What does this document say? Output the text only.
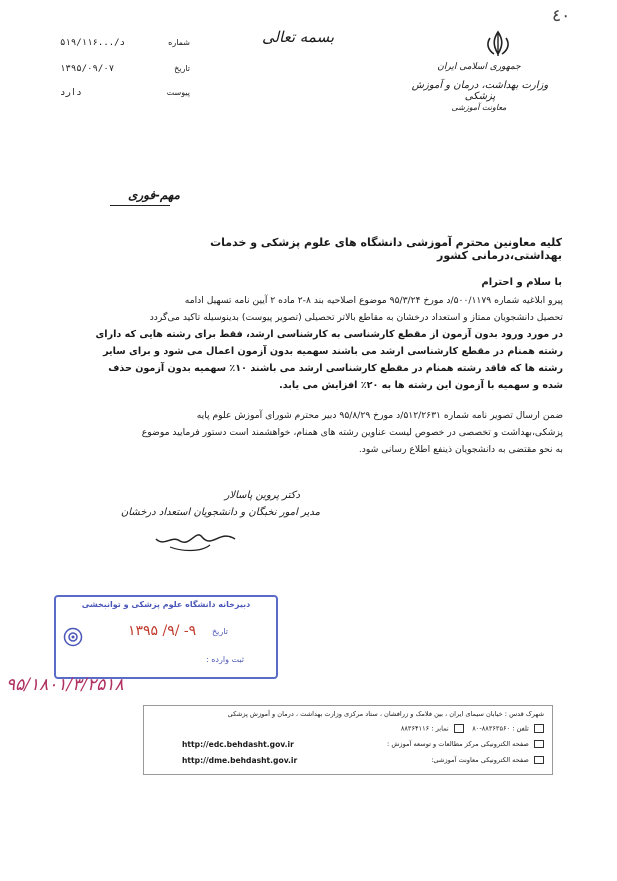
٤٠
بسمه تعالی
۵۱۹/۱۱۶.../د	شماره
۱۳۹۵/۰۹/۰۷	تاریخ
دارد	پیوست
جمهوری اسلامی ایران
وزارت بهداشت، درمان و آموزش پزشکی
معاونت آموزشی
مهم-فوری
کلیه معاونین محترم آموزشی دانشگاه های علوم پزشکی و خدمات بهداشتی،درمانی کشور
با سلام و احترام
پیرو ابلاغیه شماره ۵۰۰/۱۱۷۹/د مورخ ۹۵/۳/۲۴ موضوع اصلاحیه بند ۸-۲ ماده ۲ آیین نامه تسهیل ادامه
تحصیل دانشجویان ممتاز و استعداد درخشان به مقاطع بالاتر تحصیلی (تصویر پیوست) بدینوسیله تاکید می‌گردد
در مورد ورود بدون آزمون از مقطع کارشناسی به کارشناسی ارشد، فقط برای رشته هایی که دارای
رشته همنام در مقطع کارشناسی ارشد می باشند سهمیه بدون آزمون اعمال می شود و برای سایر
رشته ها که فاقد رشته همنام در مقطع کارشناسی ارشد می باشند ۱۰٪ سهمیه بدون آزمون حذف
شده و سهمیه با آزمون این رشته ها به ۲۰٪ افزایش می یابد.
ضمن ارسال تصویر نامه شماره ۵۱۲/۲۶۳۱/د مورخ ۹۵/۸/۲۹ دبیر محترم شورای آموزش علوم پایه
پزشکی،بهداشت و تخصصی در خصوص لیست عناوین رشته های همنام، خواهشمند است دستور فرمایید موضوع
به نحو مقتضی به دانشجویان ذینفع اطلاع رسانی شود.
دکتر پروین پاسالار
مدیر امور نخبگان و دانشجویان استعداد درخشان
دبیرخانه دانشگاه علوم پزشکی و توانبخشی
تاریخ
۱۳۹۵ /۹/ -۹
ثبت وارده :
۹۵/۱۸۰۱/۳/۲۵۱۸
شهرک قدس : خیابان سیمای ایران ، بین فلامک و زرافشان ، ستاد مرکزی وزارت بهداشت ، درمان و آموزش پزشکی
تلفن : ۸۸۳۶۳۵۶۰-۸۰     نمابر : ۸۸۳۶۴۱۱۶
صفحه الکترونیکی مرکز مطالعات و توسعه آموزش :
http://edc.behdasht.gov.ir
صفحه الکترونیکی معاونت آموزشی:
http://dme.behdasht.gov.ir
